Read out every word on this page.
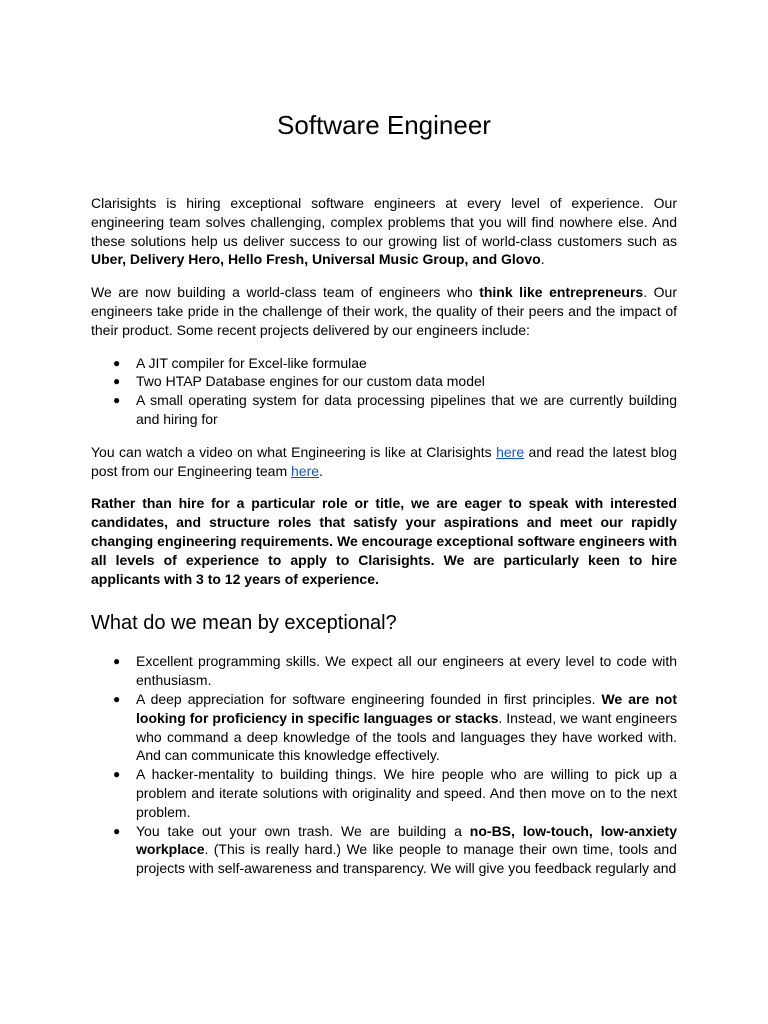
Software Engineer

Clarisights is hiring exceptional software engineers at every level of experience. Our engineering team solves challenging, complex problems that you will find nowhere else. And these solutions help us deliver success to our growing list of world-class customers such as Uber, Delivery Hero, Hello Fresh, Universal Music Group, and Glovo.

We are now building a world-class team of engineers who think like entrepreneurs. Our engineers take pride in the challenge of their work, the quality of their peers and the impact of their product. Some recent projects delivered by our engineers include:

● A JIT compiler for Excel-like formulae
● Two HTAP Database engines for our custom data model
● A small operating system for data processing pipelines that we are currently building and hiring for

You can watch a video on what Engineering is like at Clarisights here and read the latest blog post from our Engineering team here.

Rather than hire for a particular role or title, we are eager to speak with interested candidates, and structure roles that satisfy your aspirations and meet our rapidly changing engineering requirements. We encourage exceptional software engineers with all levels of experience to apply to Clarisights. We are particularly keen to hire applicants with 3 to 12 years of experience.

What do we mean by exceptional?
● Excellent programming skills. We expect all our engineers at every level to code with enthusiasm.
● A deep appreciation for software engineering founded in first principles. We are not looking for proficiency in specific languages or stacks. Instead, we want engineers who command a deep knowledge of the tools and languages they have worked with. And can communicate this knowledge effectively.
● A hacker-mentality to building things. We hire people who are willing to pick up a problem and iterate solutions with originality and speed. And then move on to the next problem.
● You take out your own trash. We are building a no-BS, low-touch, low-anxiety workplace. (This is really hard.) We like people to manage their own time, tools and projects with self-awareness and transparency. We will give you feedback regularly and
